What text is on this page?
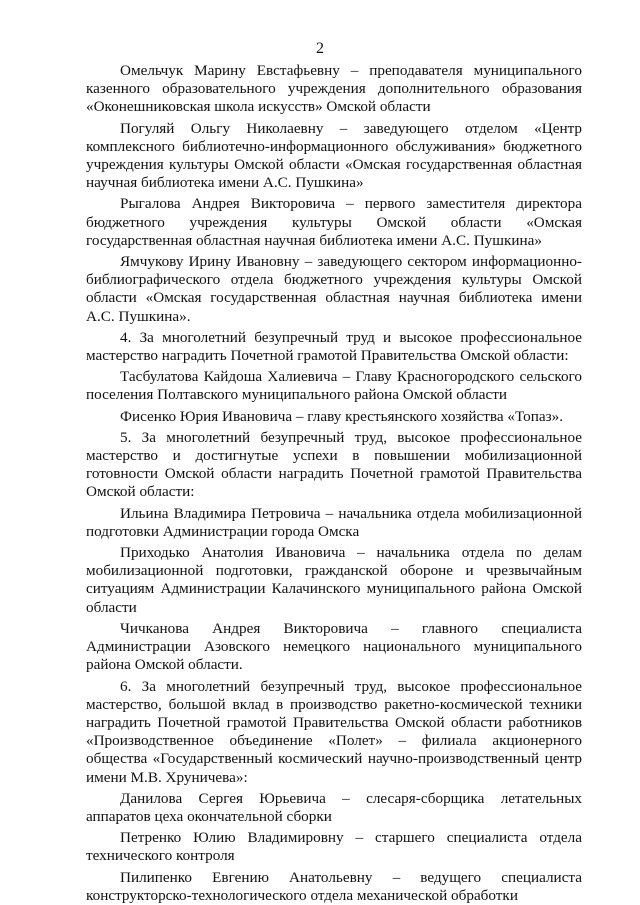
2

Омельчук Марину Евстафьевну – преподавателя муниципального казенного образовательного учреждения дополнительного образования «Оконешниковская школа искусств» Омской области

Погуляй Ольгу Николаевну – заведующего отделом «Центр комплексного библиотечно-информационного обслуживания» бюджетного учреждения культуры Омской области «Омская государственная областная научная библиотека имени А.С. Пушкина»

Рыгалова Андрея Викторовича – первого заместителя директора бюджетного учреждения культуры Омской области «Омская государственная областная научная библиотека имени А.С. Пушкина»

Ямчукову Ирину Ивановну – заведующего сектором информационно-библиографического отдела бюджетного учреждения культуры Омской области «Омская государственная областная научная библиотека имени А.С. Пушкина».

4. За многолетний безупречный труд и высокое профессиональное мастерство наградить Почетной грамотой Правительства Омской области:

Тасбулатова Кайдоша Халиевича – Главу Красногородского сельского поселения Полтавского муниципального района Омской области

Фисенко Юрия Ивановича – главу крестьянского хозяйства «Топаз».

5. За многолетний безупречный труд, высокое профессиональное мастерство и достигнутые успехи в повышении мобилизационной готовности Омской области наградить Почетной грамотой Правительства Омской области:

Ильина Владимира Петровича – начальника отдела мобилизационной подготовки Администрации города Омска

Приходько Анатолия Ивановича – начальника отдела по делам мобилизационной подготовки, гражданской обороне и чрезвычайным ситуациям Администрации Калачинского муниципального района Омской области

Чичканова Андрея Викторовича – главного специалиста Администрации Азовского немецкого национального муниципального района Омской области.

6. За многолетний безупречный труд, высокое профессиональное мастерство, большой вклад в производство ракетно-космической техники наградить Почетной грамотой Правительства Омской области работников «Производственное объединение «Полет» – филиала акционерного общества «Государственный космический научно-производственный центр имени М.В. Хруничева»:

Данилова Сергея Юрьевича – слесаря-сборщика летательных аппаратов цеха окончательной сборки

Петренко Юлию Владимировну – старшего специалиста отдела технического контроля

Пилипенко Евгению Анатольевну – ведущего специалиста конструкторско-технологического отдела механической обработки
